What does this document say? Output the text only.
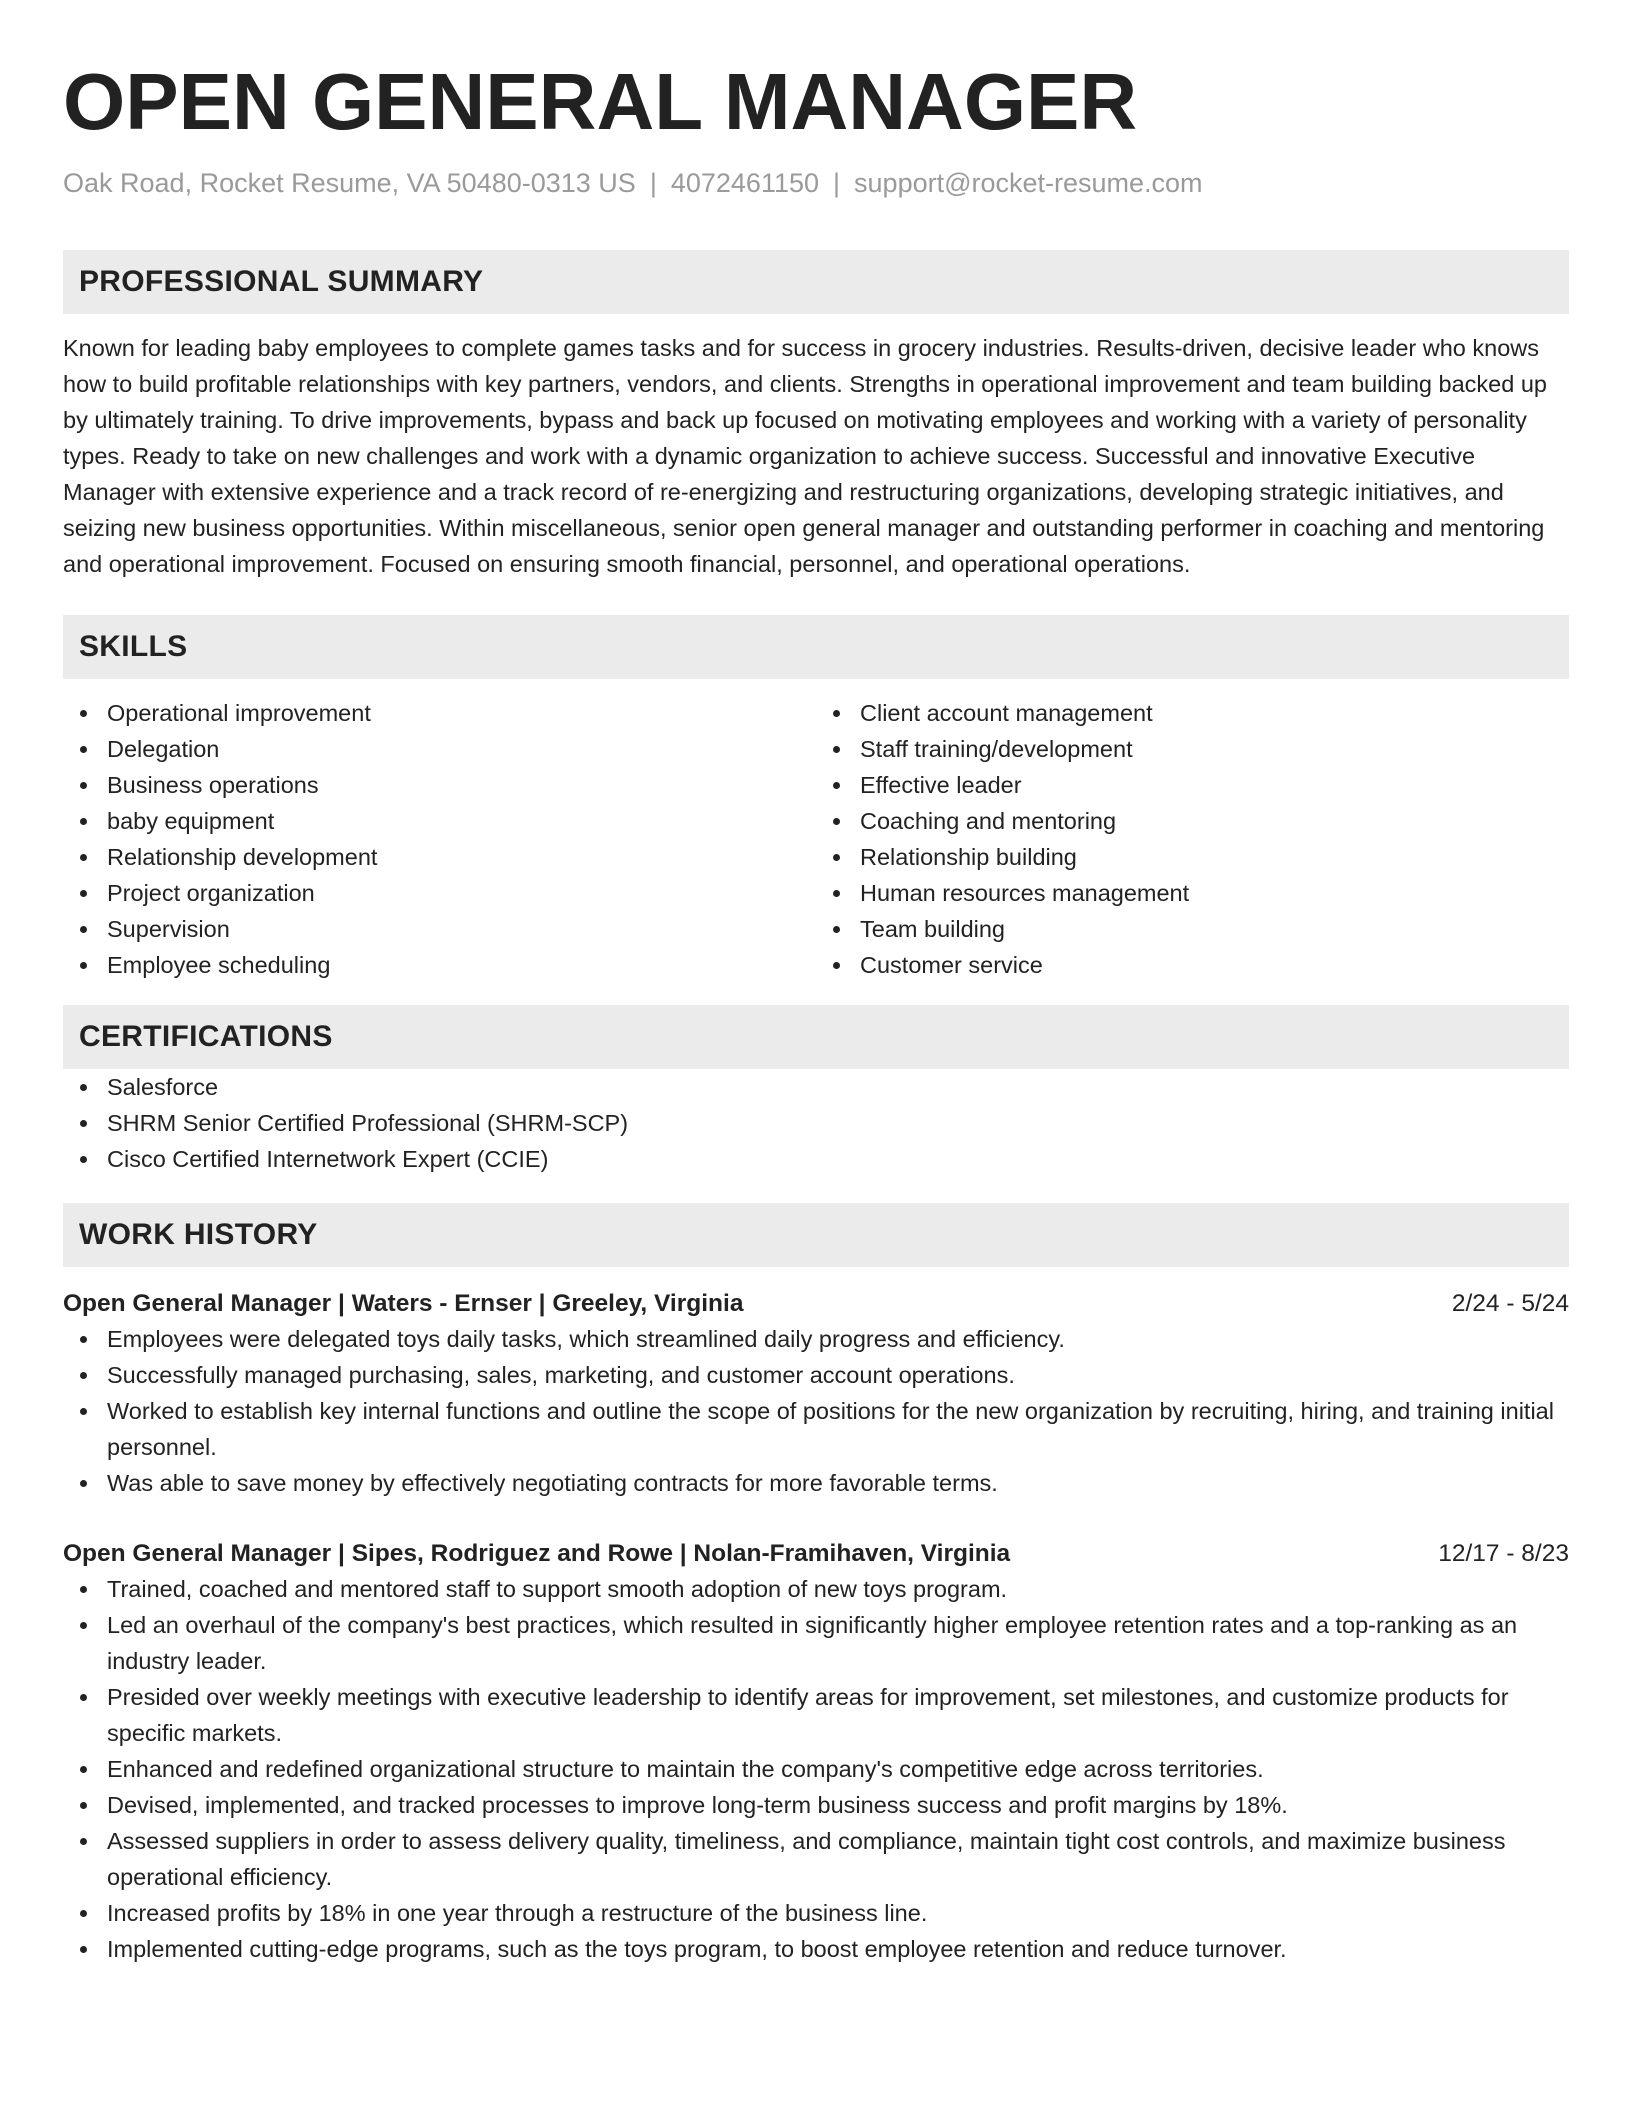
OPEN GENERAL MANAGER
Oak Road, Rocket Resume, VA 50480-0313 US | 4072461150 | support@rocket-resume.com
PROFESSIONAL SUMMARY
Known for leading baby employees to complete games tasks and for success in grocery industries. Results-driven, decisive leader who knows how to build profitable relationships with key partners, vendors, and clients. Strengths in operational improvement and team building backed up by ultimately training. To drive improvements, bypass and back up focused on motivating employees and working with a variety of personality types. Ready to take on new challenges and work with a dynamic organization to achieve success. Successful and innovative Executive Manager with extensive experience and a track record of re-energizing and restructuring organizations, developing strategic initiatives, and seizing new business opportunities. Within miscellaneous, senior open general manager and outstanding performer in coaching and mentoring and operational improvement. Focused on ensuring smooth financial, personnel, and operational operations.
SKILLS
Operational improvement
Delegation
Business operations
baby equipment
Relationship development
Project organization
Supervision
Employee scheduling
Client account management
Staff training/development
Effective leader
Coaching and mentoring
Relationship building
Human resources management
Team building
Customer service
CERTIFICATIONS
Salesforce
SHRM Senior Certified Professional (SHRM-SCP)
Cisco Certified Internetwork Expert (CCIE)
WORK HISTORY
Open General Manager | Waters - Ernser | Greeley, Virginia	2/24 - 5/24
Employees were delegated toys daily tasks, which streamlined daily progress and efficiency.
Successfully managed purchasing, sales, marketing, and customer account operations.
Worked to establish key internal functions and outline the scope of positions for the new organization by recruiting, hiring, and training initial personnel.
Was able to save money by effectively negotiating contracts for more favorable terms.
Open General Manager | Sipes, Rodriguez and Rowe | Nolan-Framihaven, Virginia	12/17 - 8/23
Trained, coached and mentored staff to support smooth adoption of new toys program.
Led an overhaul of the company's best practices, which resulted in significantly higher employee retention rates and a top-ranking as an industry leader.
Presided over weekly meetings with executive leadership to identify areas for improvement, set milestones, and customize products for specific markets.
Enhanced and redefined organizational structure to maintain the company's competitive edge across territories.
Devised, implemented, and tracked processes to improve long-term business success and profit margins by 18%.
Assessed suppliers in order to assess delivery quality, timeliness, and compliance, maintain tight cost controls, and maximize business operational efficiency.
Increased profits by 18% in one year through a restructure of the business line.
Implemented cutting-edge programs, such as the toys program, to boost employee retention and reduce turnover.
